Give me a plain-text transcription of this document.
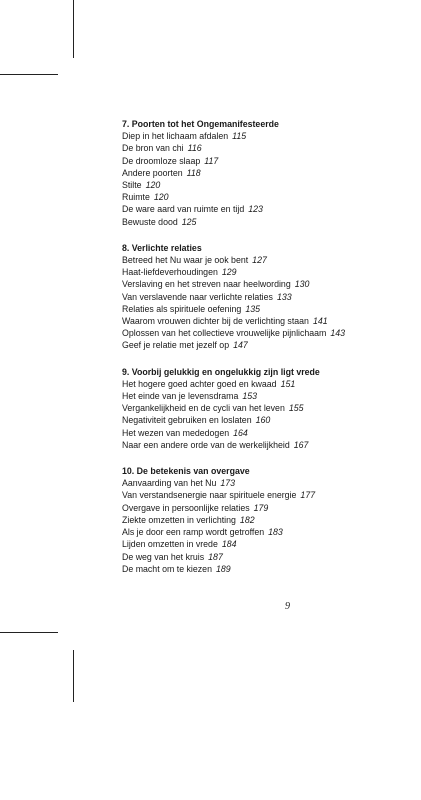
7. Poorten tot het Ongemanifesteerde
Diep in het lichaam afdalen 115
De bron van chi 116
De droomloze slaap 117
Andere poorten 118
Stilte 120
Ruimte 120
De ware aard van ruimte en tijd 123
Bewuste dood 125
8. Verlichte relaties
Betreed het Nu waar je ook bent 127
Haat-liefdeverhoudingen 129
Verslaving en het streven naar heelwording 130
Van verslavende naar verlichte relaties 133
Relaties als spirituele oefening 135
Waarom vrouwen dichter bij de verlichting staan 141
Oplossen van het collectieve vrouwelijke pijnlichaam 143
Geef je relatie met jezelf op 147
9. Voorbij gelukkig en ongelukkig zijn ligt vrede
Het hogere goed achter goed en kwaad 151
Het einde van je levensdrama 153
Vergankelijkheid en de cycli van het leven 155
Negativiteit gebruiken en loslaten 160
Het wezen van mededogen 164
Naar een andere orde van de werkelijkheid 167
10. De betekenis van overgave
Aanvaarding van het Nu 173
Van verstandsenergie naar spirituele energie 177
Overgave in persoonlijke relaties 179
Ziekte omzetten in verlichting 182
Als je door een ramp wordt getroffen 183
Lijden omzetten in vrede 184
De weg van het kruis 187
De macht om te kiezen 189
9
